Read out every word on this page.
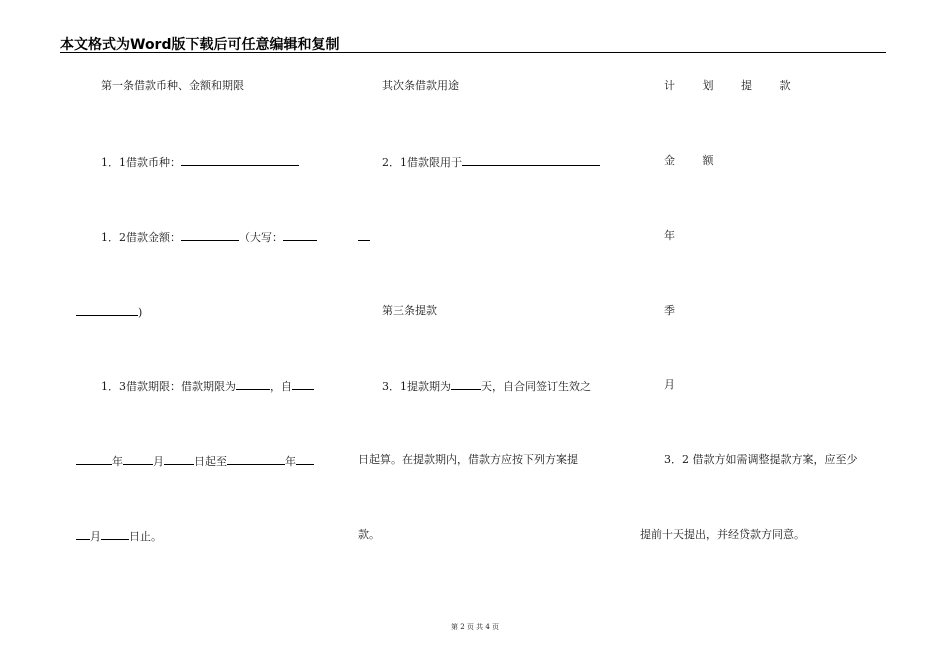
本文格式为Word版下载后可任意编辑和复制
第一条借款币种、金额和期限
1．1借款币种：
1．2借款金额：	（大写：
)
1．3借款期限：借款期限为	，自
年	月	日起至	年
月	日止。
其次条借款用途
2．1借款限用于
第三条提款
3．1提款期为	天，自合同签订生效之
日起算。在提款期内，借款方应按下列方案提
款。
计 划 提 款
金 额
年
季
月
3．2 借款方如需调整提款方案，应至少
提前十天提出，并经贷款方同意。
第 2 页 共 4 页
